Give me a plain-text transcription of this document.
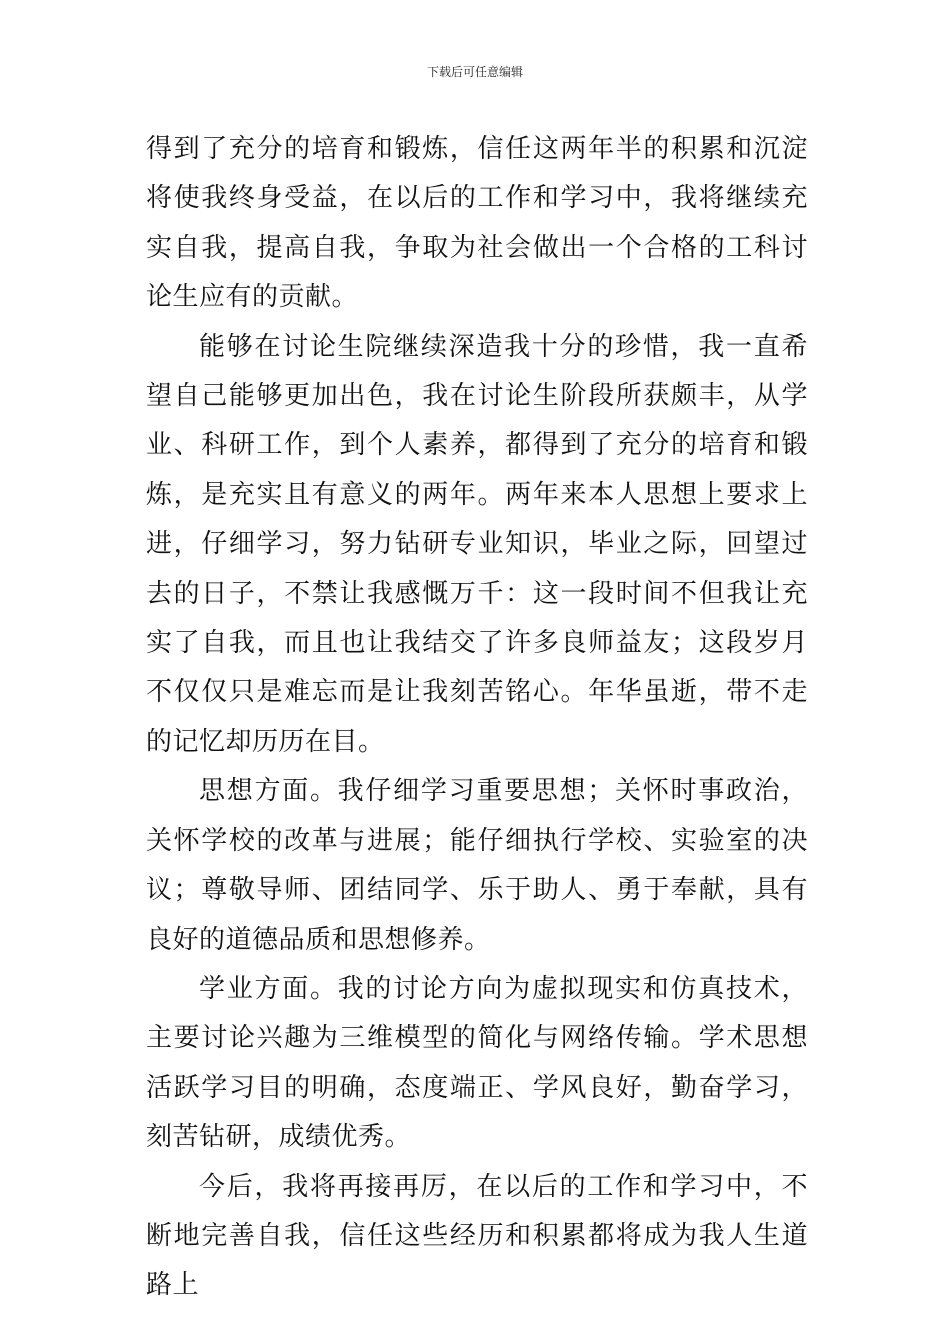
下载后可任意编辑

得到了充分的培育和锻炼，信任这两年半的积累和沉淀将使我终身受益，在以后的工作和学习中，我将继续充实自我，提高自我，争取为社会做出一个合格的工科讨论生应有的贡献。

能够在讨论生院继续深造我十分的珍惜，我一直希望自己能够更加出色，我在讨论生阶段所获颇丰，从学业、科研工作，到个人素养，都得到了充分的培育和锻炼，是充实且有意义的两年。两年来本人思想上要求上进，仔细学习，努力钻研专业知识，毕业之际，回望过去的日子，不禁让我感慨万千：这一段时间不但我让充实了自我，而且也让我结交了许多良师益友；这段岁月不仅仅只是难忘而是让我刻苦铭心。年华虽逝，带不走的记忆却历历在目。

思想方面。我仔细学习重要思想；关怀时事政治，关怀学校的改革与进展；能仔细执行学校、实验室的决议；尊敬导师、团结同学、乐于助人、勇于奉献，具有良好的道德品质和思想修养。

学业方面。我的讨论方向为虚拟现实和仿真技术，主要讨论兴趣为三维模型的简化与网络传输。学术思想活跃学习目的明确，态度端正、学风良好，勤奋学习，刻苦钻研，成绩优秀。

今后，我将再接再厉，在以后的工作和学习中，不断地完善自我，信任这些经历和积累都将成为我人生道路上
